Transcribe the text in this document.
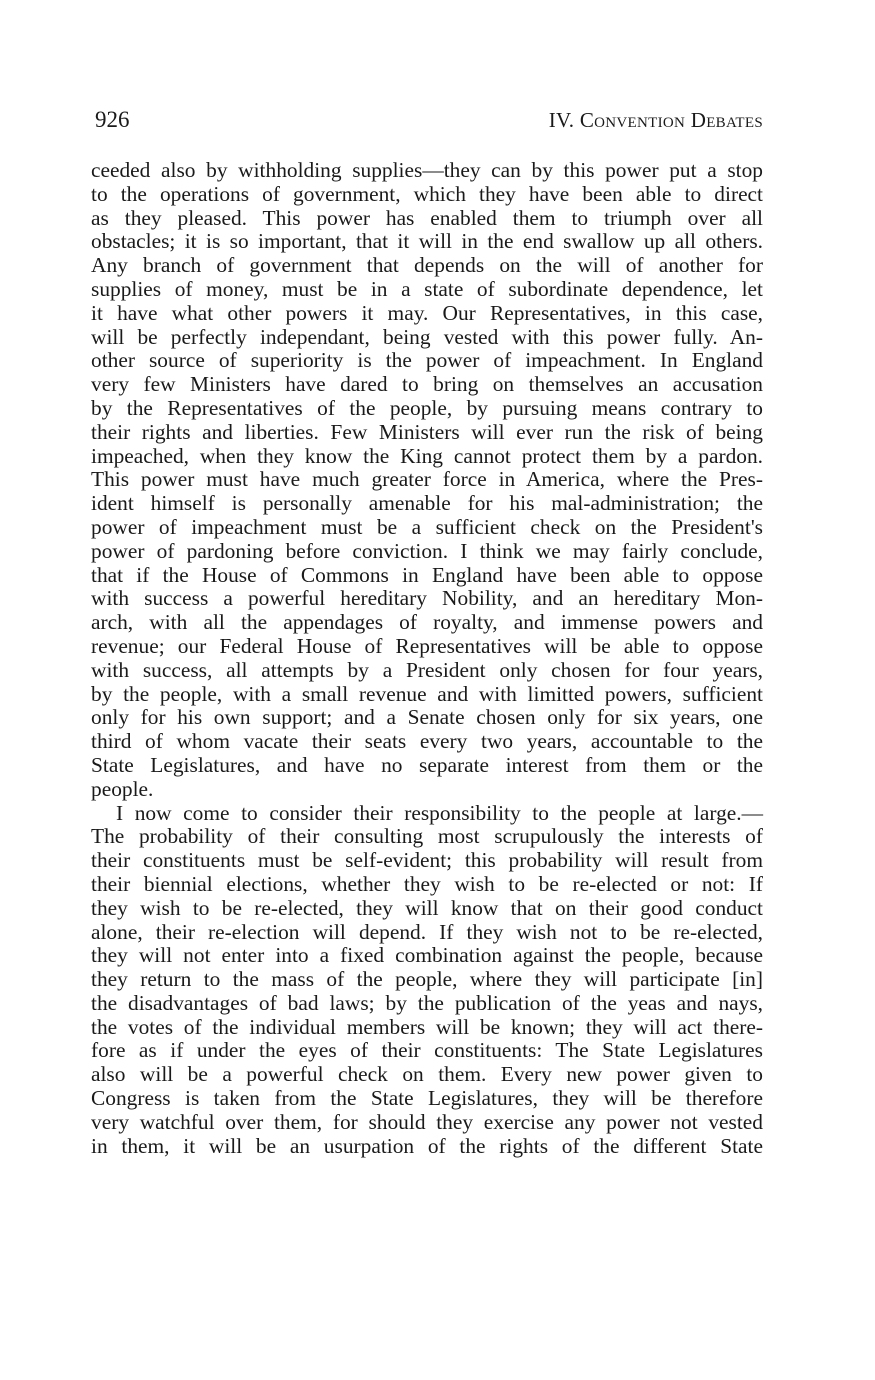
926	IV. Convention Debates

ceeded also by withholding supplies—they can by this power put a stop
to the operations of government, which they have been able to direct
as they pleased. This power has enabled them to triumph over all
obstacles; it is so important, that it will in the end swallow up all others.
Any branch of government that depends on the will of another for
supplies of money, must be in a state of subordinate dependence, let
it have what other powers it may. Our Representatives, in this case,
will be perfectly independant, being vested with this power fully. An-
other source of superiority is the power of impeachment. In England
very few Ministers have dared to bring on themselves an accusation
by the Representatives of the people, by pursuing means contrary to
their rights and liberties. Few Ministers will ever run the risk of being
impeached, when they know the King cannot protect them by a pardon.
This power must have much greater force in America, where the Pres-
ident himself is personally amenable for his mal-administration; the
power of impeachment must be a sufficient check on the President's
power of pardoning before conviction. I think we may fairly conclude,
that if the House of Commons in England have been able to oppose
with success a powerful hereditary Nobility, and an hereditary Mon-
arch, with all the appendages of royalty, and immense powers and
revenue; our Federal House of Representatives will be able to oppose
with success, all attempts by a President only chosen for four years,
by the people, with a small revenue and with limitted powers, sufficient
only for his own support; and a Senate chosen only for six years, one
third of whom vacate their seats every two years, accountable to the
State Legislatures, and have no separate interest from them or the
people.

I now come to consider their responsibility to the people at large.—
The probability of their consulting most scrupulously the interests of
their constituents must be self-evident; this probability will result from
their biennial elections, whether they wish to be re-elected or not: If
they wish to be re-elected, they will know that on their good conduct
alone, their re-election will depend. If they wish not to be re-elected,
they will not enter into a fixed combination against the people, because
they return to the mass of the people, where they will participate [in]
the disadvantages of bad laws; by the publication of the yeas and nays,
the votes of the individual members will be known; they will act there-
fore as if under the eyes of their constituents: The State Legislatures
also will be a powerful check on them. Every new power given to
Congress is taken from the State Legislatures, they will be therefore
very watchful over them, for should they exercise any power not vested
in them, it will be an usurpation of the rights of the different State
